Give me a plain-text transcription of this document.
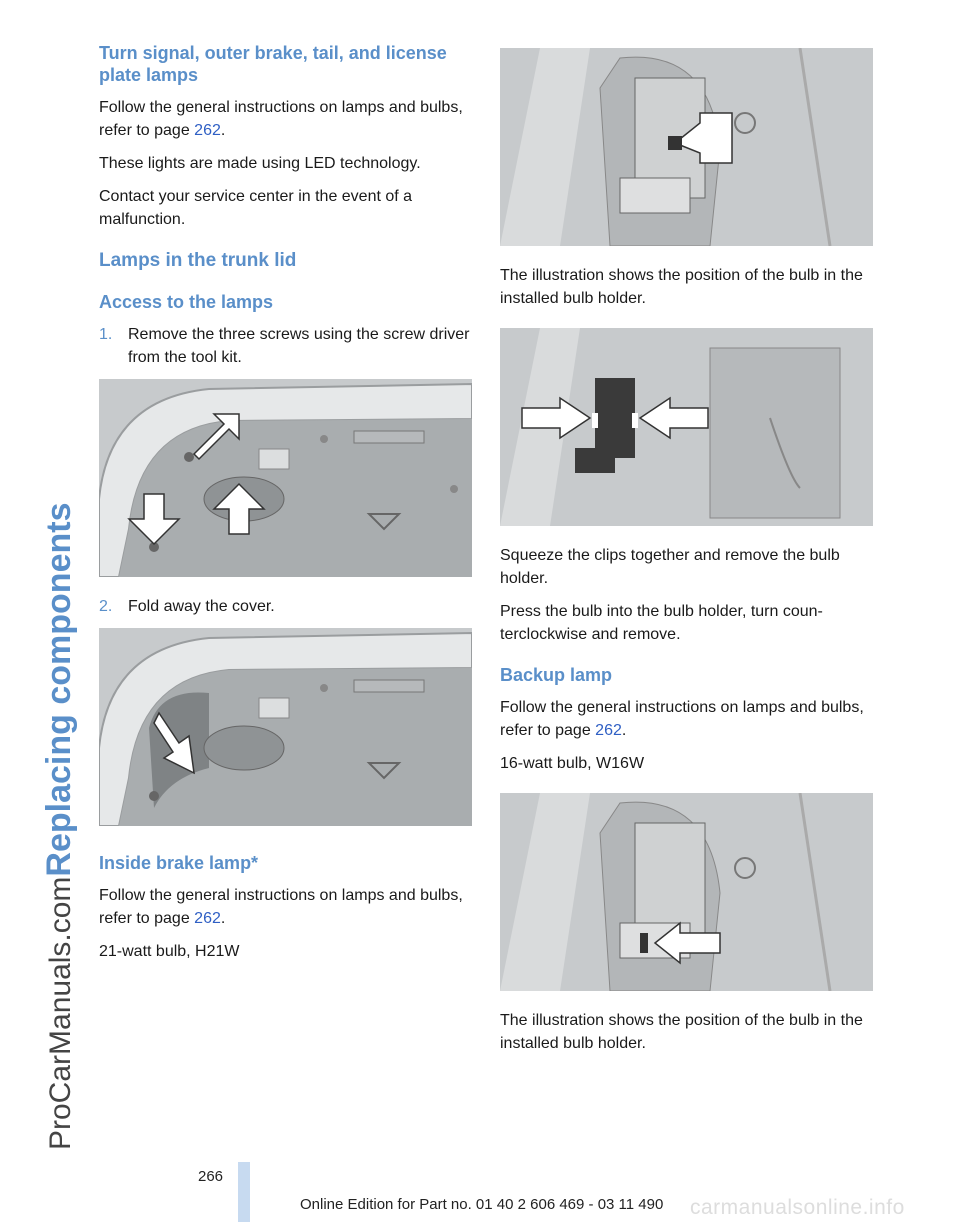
ProCarManuals.comReplacing components
Turn signal, outer brake, tail, and license plate lamps

Follow the general instructions on lamps and bulbs, refer to page 262.

These lights are made using LED technology.

Contact your service center in the event of a malfunction.

Lamps in the trunk lid
Access to the lamps
1. Remove the three screws using the screw driver from the tool kit.
2. Fold away the cover.
Inside brake lamp*

Follow the general instructions on lamps and bulbs, refer to page 262.

21-watt bulb, H21W

The illustration shows the position of the bulb in the installed bulb holder.

Squeeze the clips together and remove the bulb holder.

Press the bulb into the bulb holder, turn coun-terclockwise and remove.

Backup lamp

Follow the general instructions on lamps and bulbs, refer to page 262.

16-watt bulb, W16W

The illustration shows the position of the bulb in the installed bulb holder.

266
Online Edition for Part no. 01 40 2 606 469 - 03 11 490 carmanualsonline.info
